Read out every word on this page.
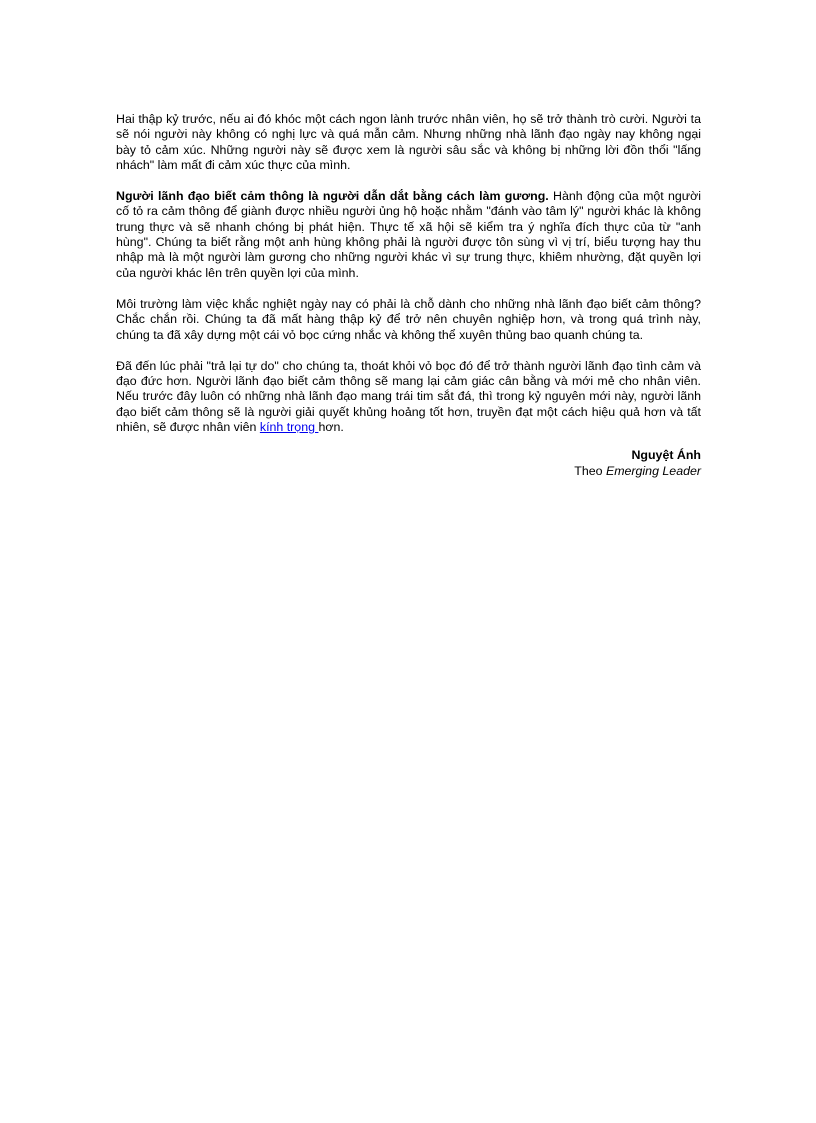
Hai thập kỷ trước, nếu ai đó khóc một cách ngon lành trước nhân viên, họ sẽ trở thành trò cười. Người ta sẽ nói người này không có nghị lực và quá mẫn cảm. Nhưng những nhà lãnh đạo ngày nay không ngại bày tỏ cảm xúc. Những người này sẽ được xem là người sâu sắc và không bị những lời đồn thổi "lấng nhách" làm mất đi cảm xúc thực của mình.

Người lãnh đạo biết cảm thông là người dẫn dắt bằng cách làm gương. Hành động của một người cố tỏ ra cảm thông để giành được nhiều người ủng hộ hoặc nhằm "đánh vào tâm lý" người khác là không trung thực và sẽ nhanh chóng bị phát hiện. Thực tế xã hội sẽ kiểm tra ý nghĩa đích thực của từ "anh hùng". Chúng ta biết rằng một anh hùng không phải là người được tôn sùng vì vị trí, biểu tượng hay thu nhập mà là một người làm gương cho những người khác vì sự trung thực, khiêm nhường, đặt quyền lợi của người khác lên trên quyền lợi của mình.

Môi trường làm việc khắc nghiệt ngày nay có phải là chỗ dành cho những nhà lãnh đạo biết cảm thông? Chắc chắn rồi. Chúng ta đã mất hàng thập kỷ để trở nên chuyên nghiệp hơn, và trong quá trình này, chúng ta đã xây dựng một cái vỏ bọc cứng nhắc và không thể xuyên thủng bao quanh chúng ta.

Đã đến lúc phải "trả lại tự do" cho chúng ta, thoát khỏi vỏ bọc đó để trở thành người lãnh đạo tình cảm và đạo đức hơn. Người lãnh đạo biết cảm thông sẽ mang lại cảm giác cân bằng và mới mẻ cho nhân viên. Nếu trước đây luôn có những nhà lãnh đạo mang trái tim sắt đá, thì trong kỷ nguyên mới này, người lãnh đạo biết cảm thông sẽ là người giải quyết khủng hoảng tốt hơn, truyền đạt một cách hiệu quả hơn và tất nhiên, sẽ được nhân viên kính trọng hơn.

Nguyệt Ánh
Theo Emerging Leader
